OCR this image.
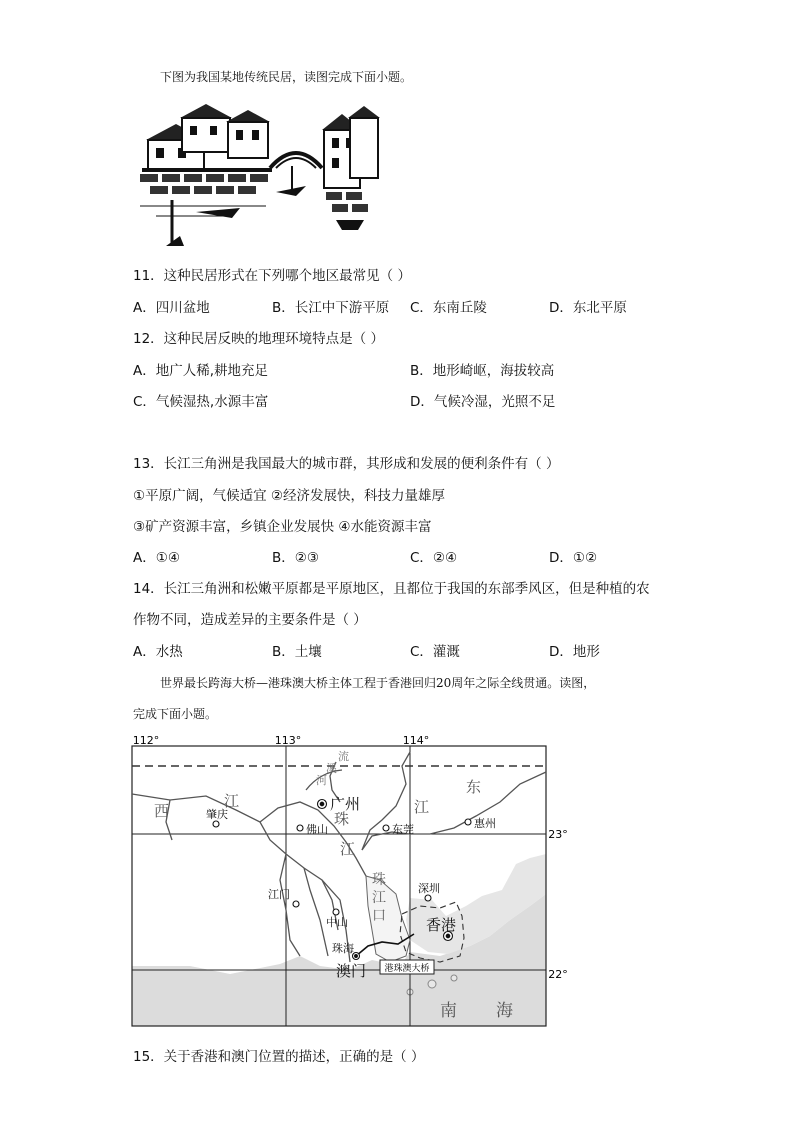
下图为我国某地传统民居，读图完成下面小题。
11．这种民居形式在下列哪个地区最常见（ ）
A．四川盆地	B．长江中下游平原 C．东南丘陵	D．东北平原
12．这种民居反映的地理环境特点是（ ）
A．地广人稀,耕地充足	B．地形崎岖，海拔较高
C．气候湿热,水源丰富	D．气候冷湿，光照不足
13．长江三角洲是我国最大的城市群，其形成和发展的便利条件有（ ）
①平原广阔，气候适宜 ②经济发展快，科技力量雄厚
③矿产资源丰富，乡镇企业发展快 ④水能资源丰富
A．①④	B．②③	C．②④	D．①②
14．长江三角洲和松嫩平原都是平原地区，且都位于我国的东部季风区，但是种植的农
作物不同，造成差异的主要条件是（ ）
A．水热	B．土壤	C．灌溉	D．地形
世界最长跨海大桥—港珠澳大桥主体工程于香港回归20周年之际全线贯通。读图，
完成下面小题。
港珠澳大桥
112°	113°	114°
23°
22°
西
江
珠
江
江
东
流
溪
河
珠
江
口
广州
肇庆
佛山	东莞	惠州
深圳
江门
中山
珠海
香港
澳门
南 海
15．关于香港和澳门位置的描述，正确的是（ ）
